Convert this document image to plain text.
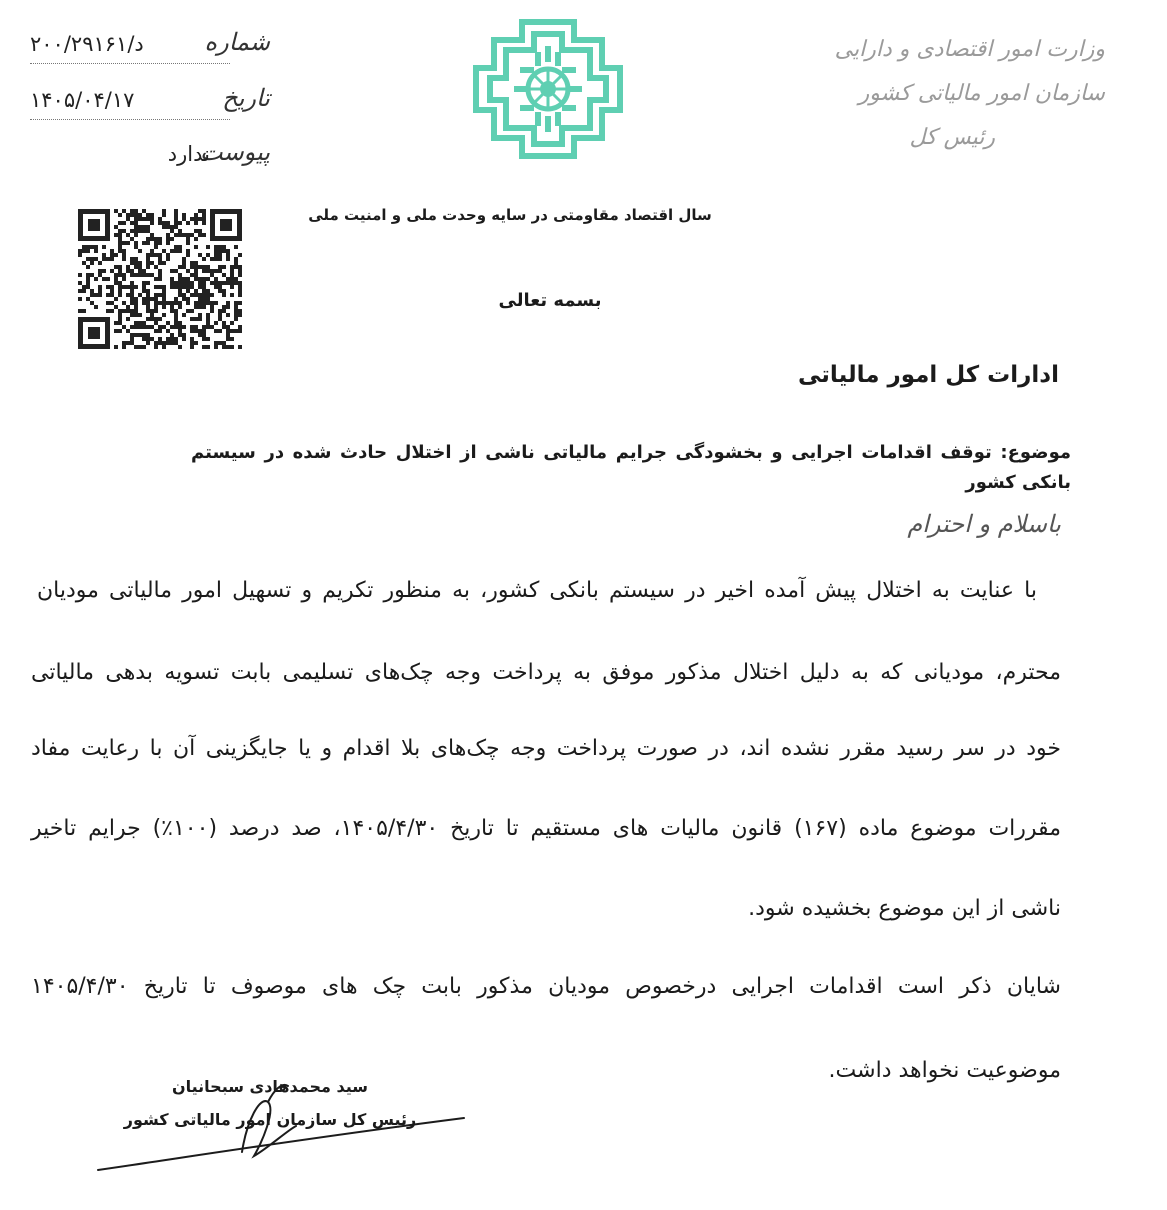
وزارت امور اقتصادی و دارایی
سازمان امور مالیاتی کشور
رئیس کل
شماره
د/۲۰۰/۲۹۱۶۱
تاریخ
۱۴۰۵/۰۴/۱۷
پیوست
ندارد
سال اقتصاد مقاومتی در سایه وحدت ملی و امنیت ملی
بسمه تعالی
ادارات کل امور مالیاتی
موضوع: توقف اقدامات اجرایی و بخشودگی جرایم مالیاتی ناشی از اختلال حادث شده در سیستم بانکی کشور
باسلام و احترام
با عنایت به اختلال پیش آمده اخیر در سیستم بانکی کشور، به منظور تکریم و تسهیل امور مالیاتی مودیان
محترم، مودیانی که به دلیل اختلال مذکور موفق به پرداخت وجه چک‌های تسلیمی بابت تسویه بدهی مالیاتی
خود در سر رسید مقرر نشده اند، در صورت پرداخت وجه چک‌های بلا اقدام و یا جایگزینی آن با رعایت مفاد
مقررات موضوع ماده (۱۶۷) قانون مالیات های مستقیم تا تاریخ ۱۴۰۵/۴/۳۰، صد درصد (۱۰۰٪) جرایم تاخیر
ناشی از این موضوع بخشیده شود.
شایان ذکر است اقدامات اجرایی درخصوص مودیان مذکور بابت چک های موصوف تا تاریخ ۱۴۰۵/۴/۳۰
موضوعیت نخواهد داشت.
سید محمدهادی سبحانیان
رئیس کل سازمان امور مالیاتی کشور
